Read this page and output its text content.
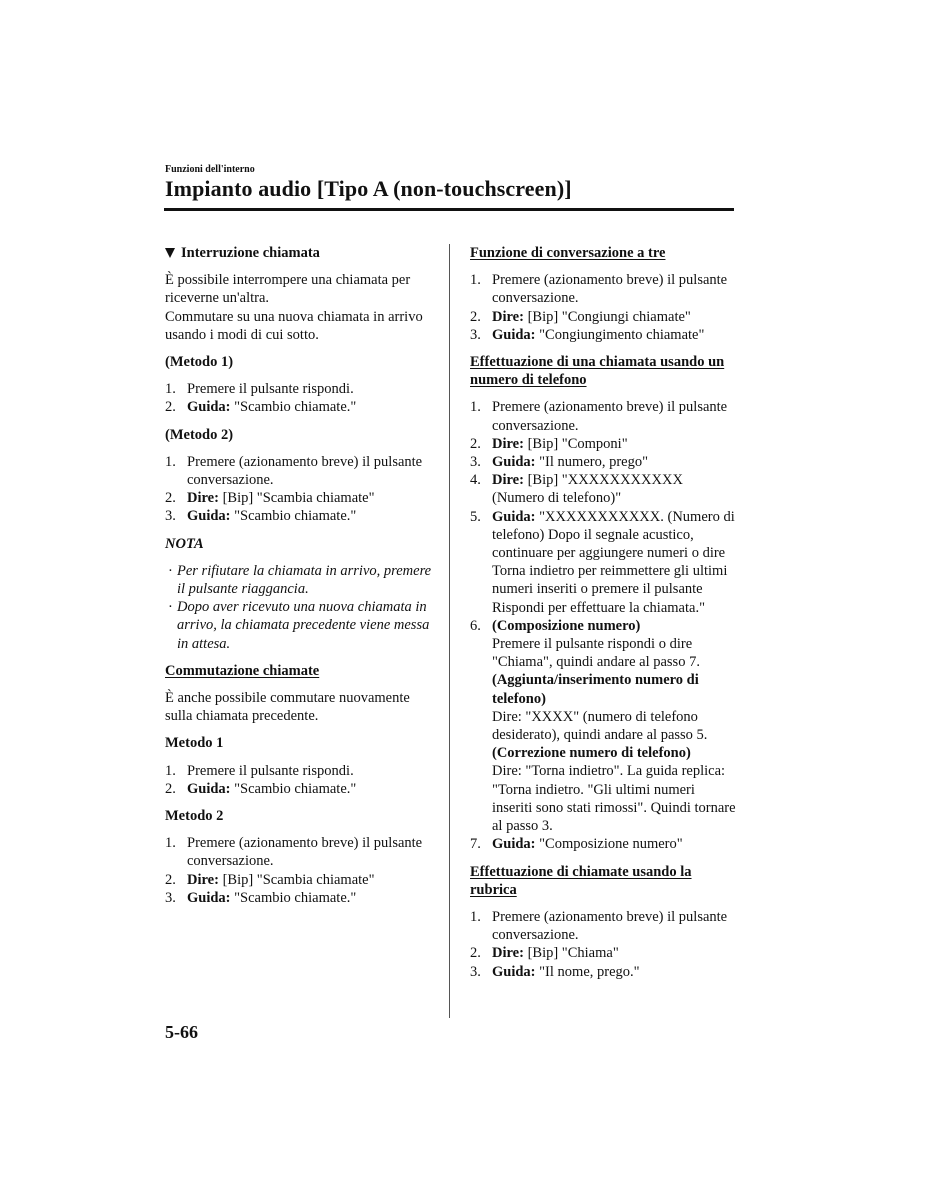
Funzioni dell'interno
Impianto audio [Tipo A (non-touchscreen)]
Interruzione chiamata

È possibile interrompere una chiamata per riceverne un'altra.
Commutare su una nuova chiamata in arrivo usando i modi di cui sotto.

(Metodo 1)
1. Premere il pulsante rispondi.
2. Guida: "Scambio chiamate."
(Metodo 2)
1. Premere (azionamento breve) il pulsante conversazione.
2. Dire: [Bip] "Scambia chiamate"
3. Guida: "Scambio chiamate."
NOTA
· Per rifiutare la chiamata in arrivo, premere il pulsante riaggancia.
· Dopo aver ricevuto una nuova chiamata in arrivo, la chiamata precedente viene messa in attesa.
Commutazione chiamate

È anche possibile commutare nuovamente sulla chiamata precedente.

Metodo 1
1. Premere il pulsante rispondi.
2. Guida: "Scambio chiamate."
Metodo 2
1. Premere (azionamento breve) il pulsante conversazione.
2. Dire: [Bip] "Scambia chiamate"
3. Guida: "Scambio chiamate."
Funzione di conversazione a tre
1. Premere (azionamento breve) il pulsante conversazione.
2. Dire: [Bip] "Congiungi chiamate"
3. Guida: "Congiungimento chiamate"
Effettuazione di una chiamata usando un numero di telefono
1. Premere (azionamento breve) il pulsante conversazione.
2. Dire: [Bip] "Componi"
3. Guida: "Il numero, prego"
4. Dire: [Bip] "XXXXXXXXXXX (Numero di telefono)"
5. Guida: "XXXXXXXXXXX. (Numero di telefono) Dopo il segnale acustico, continuare per aggiungere numeri o dire Torna indietro per reimmettere gli ultimi numeri inseriti o premere il pulsante Rispondi per effettuare la chiamata."
6. (Composizione numero)
Premere il pulsante rispondi o dire "Chiama", quindi andare al passo 7.
(Aggiunta/inserimento numero di telefono)
Dire: "XXXX" (numero di telefono desiderato), quindi andare al passo 5.
(Correzione numero di telefono)
Dire: "Torna indietro". La guida replica: "Torna indietro. "Gli ultimi numeri inseriti sono stati rimossi". Quindi tornare al passo 3.
7. Guida: "Composizione numero"
Effettuazione di chiamate usando la rubrica
1. Premere (azionamento breve) il pulsante conversazione.
2. Dire: [Bip] "Chiama"
3. Guida: "Il nome, prego."
5-66
